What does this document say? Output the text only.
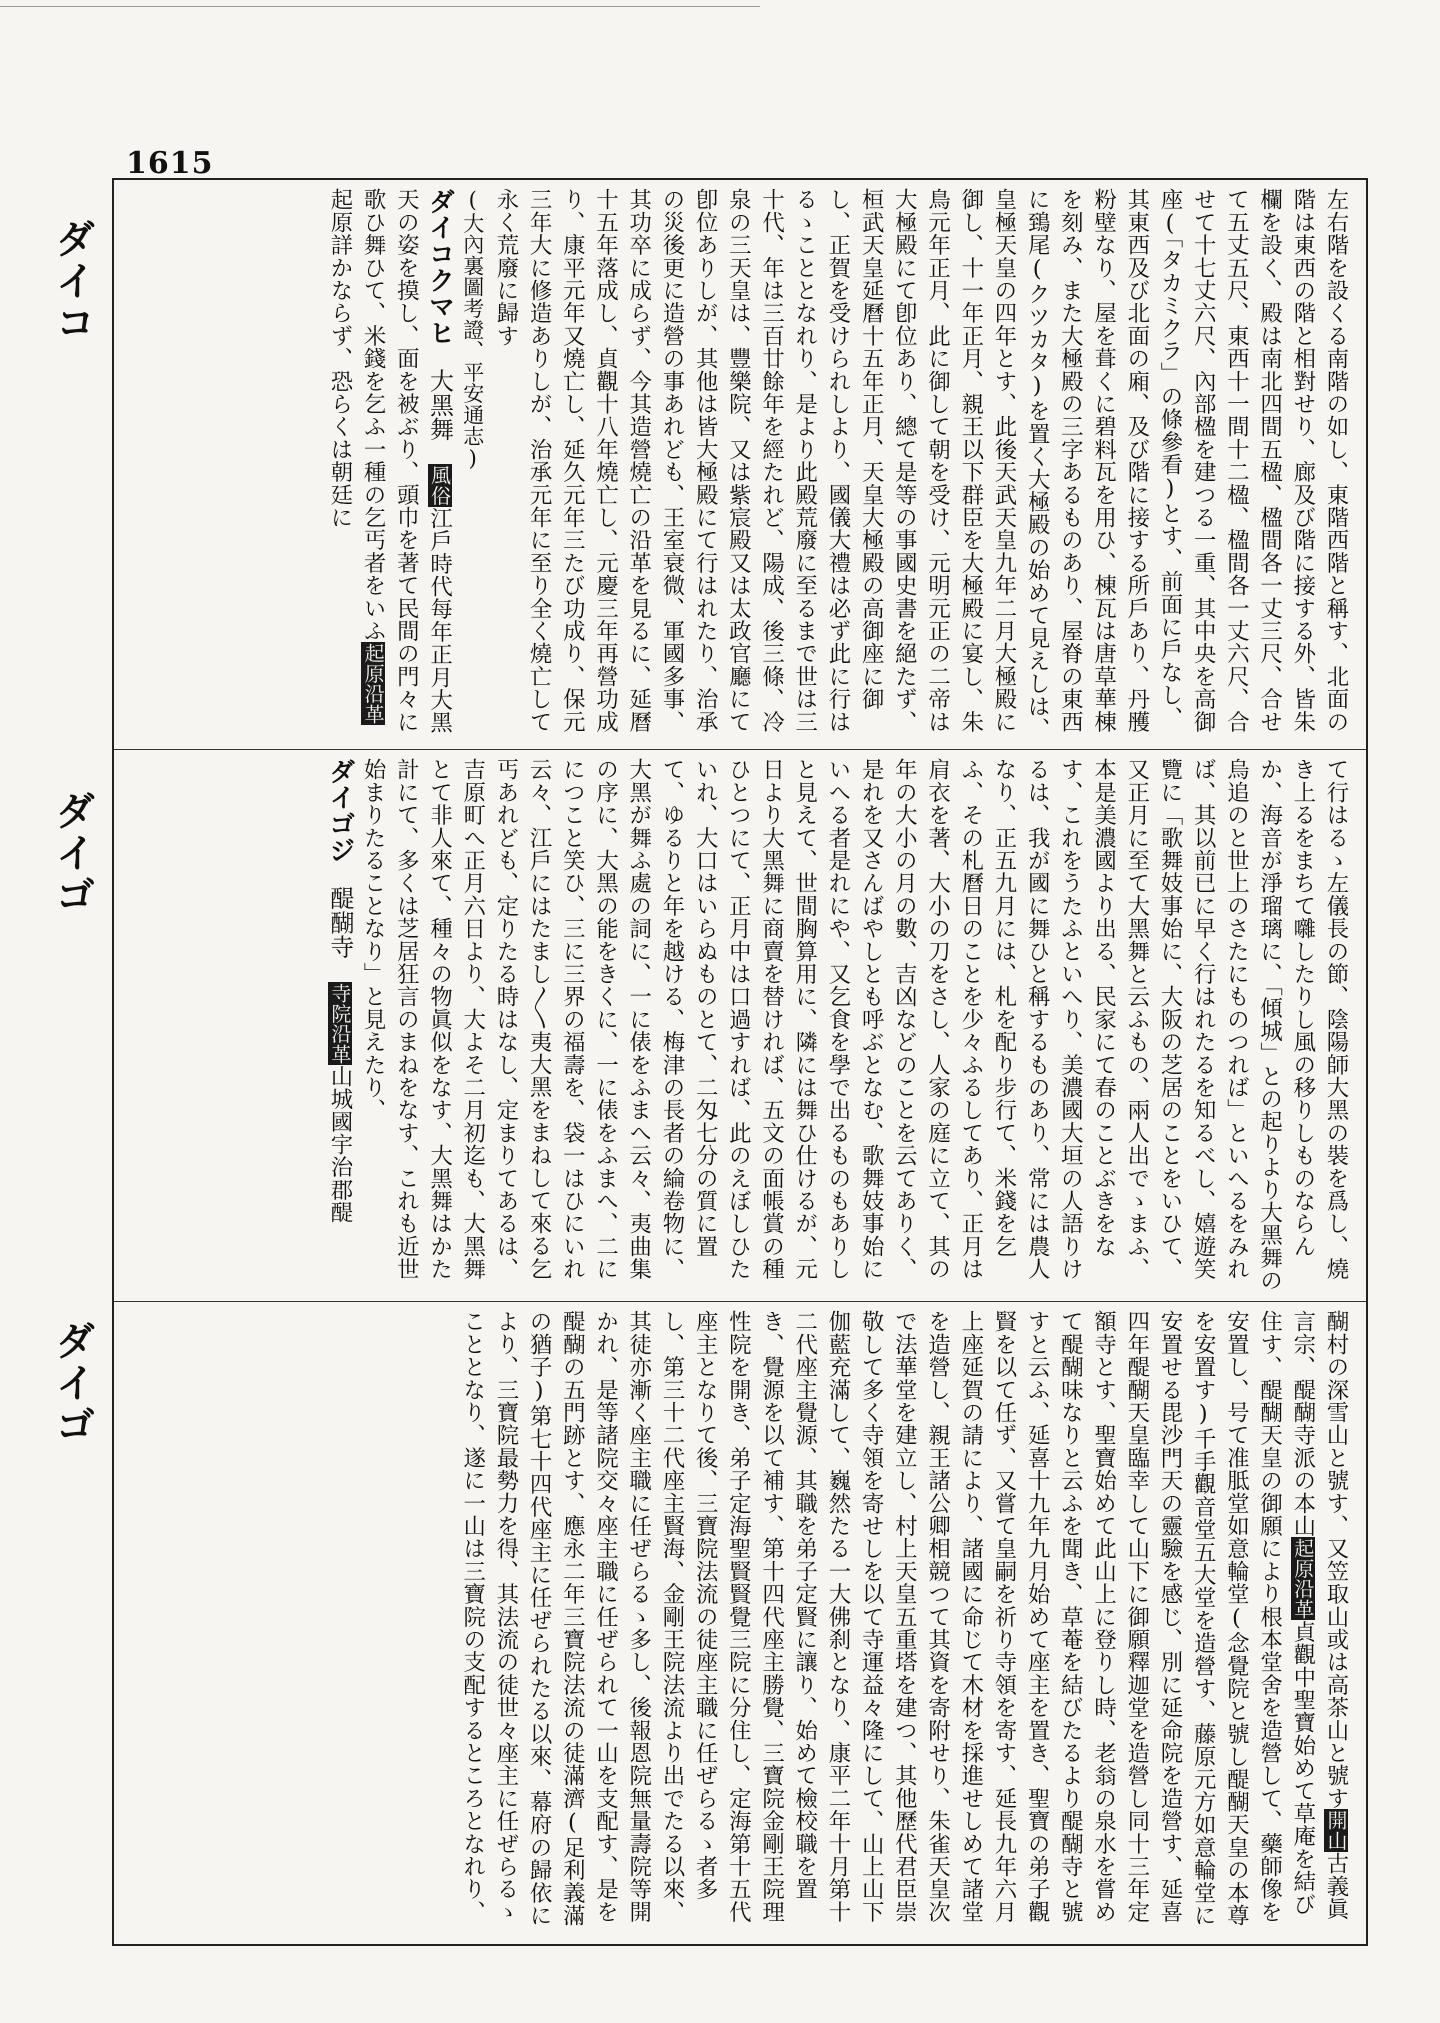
1615
ダイコ
ダイゴ
ダイゴ
左右階を設くる南階の如し、東階西階と稱す、北面の階は東西の階と相對せり、廊及び階に接する外、皆朱欄を設く、殿は南北四間五楹、楹間各一丈三尺、合せて五丈五尺、東西十一間十二楹、楹間各一丈六尺、合せて十七丈六尺、內部楹を建つる一重、其中央を高御座(「タカミクラ」の條參看)とす、前面に戶なし、其東西及び北面の廂、及び階に接する所戶あり、丹雘粉壁なり、屋を葺くに碧料瓦を用ひ、棟瓦は唐草華棟を刻み、また大極殿の三字あるものあり、屋脊の東西に鵄尾(クツカタ)を置く大極殿の始めて見えしは、皇極天皇の四年とす、此後天武天皇九年二月大極殿に御し、十一年正月、親王以下群臣を大極殿に宴し、朱鳥元年正月、此に御して朝を受け、元明元正の二帝は大極殿にて卽位あり、總て是等の事國史書を絕たず、桓武天皇延曆十五年正月、天皇大極殿の高御座に御し、正賀を受けられしより、國儀大禮は必ず此に行はるゝこととなれり、是より此殿荒廢に至るまで世は三十代、年は三百廿餘年を經たれど、陽成、後三條、冷泉の三天皇は、豐樂院、又は紫宸殿又は太政官廳にて卽位ありしが、其他は皆大極殿にて行はれたり、治承の災後更に造營の事あれども、王室衰微、軍國多事、其功卒に成らず、今其造營燒亡の沿革を見るに、延曆十五年落成し、貞觀十八年燒亡し、元慶三年再營功成り、康平元年又燒亡し、延久元年三たび功成り、保元三年大に修造ありしが、治承元年に至り全く燒亡して永く荒廢に歸す
(大內裏圖考證、平安通志)
ダイコクマヒ　大黑舞　風俗江戶時代每年正月大黑天の姿を摸し、面を被ぶり、頭巾を著て民間の門々に歌ひ舞ひて、米錢を乞ふ一種の乞丐者をいふ起原沿革起原詳かならず、恐らくは朝廷に
て行はるゝ左儀長の節、陰陽師大黑の裝を爲し、燒き上るをまちて囃したりし風の移りしものならんか、海音が淨瑠璃に、「傾城」との起りより大黑舞の烏追のと世上のさたにものつれば」といへるをみれば、其以前已に早く行はれたるを知るべし、嬉遊笑覽に「歌舞妓事始に、大阪の芝居のことをいひて、又正月に至て大黑舞と云ふもの、兩人出でゝまふ、本是美濃國より出る、民家にて春のことぶきをなす、これをうたふといへり、美濃國大垣の人語りけるは、我が國に舞ひと稱するものあり、常には農人なり、正五九月には、札を配り步行て、米錢を乞ふ、その札曆日のことを少々ふるしてあり、正月は肩衣を著、大小の刀をさし、人家の庭に立て、其の年の大小の月の數、吉凶などのことを云てありく、是れを又さんばやしとも呼ぶとなむ、歌舞妓事始にいへる者是れにや、又乞食を學で出るものもありしと見えて、世間胸算用に、隣には舞ひ仕けるが、元日より大黑舞に商賣を替ければ、五文の面帳賞の種ひとつにて、正月中は口過すれば、此のえぼしひたいれ、大口はいらぬものとて、二匁七分の質に置て、ゆるりと年を越ける、梅津の長者の綸卷物に、大黑が舞ふ處の詞に、一に俵をふまへ云々、夷曲集の序に、大黑の能をきくに、一に俵をふまへ、二ににつこと笑ひ、三に三界の福壽を、袋一はひにいれ云々、江戶にはたまし〳〵夷大黑をまねして來る乞丐あれども、定りたる時はなし、定まりてあるは、吉原町へ正月六日より、大よそ二月初迄も、大黑舞とて非人來て、種々の物眞似をなす、大黑舞はかた計にて、多くは芝居狂言のまねをなす、これも近世始まりたることなり」と見えたり、
ダイゴジ　醍醐寺　寺院沿革山城國宇治郡醍
醐村の深雪山と號す、又笠取山或は高茶山と號す開山古義眞言宗、醍醐寺派の本山起原沿革貞觀中聖寶始めて草庵を結び住す、醍醐天皇の御願により根本堂舍を造營して、藥師像を安置し、号て准胝堂如意輪堂(念覺院と號し醍醐天皇の本尊を安置す)千手觀音堂五大堂を造營す、藤原元方如意輪堂に安置せる毘沙門天の靈驗を感じ、別に延命院を造營す、延喜四年醍醐天皇臨幸して山下に御願釋迦堂を造營し同十三年定額寺とす、聖寶始めて此山上に登りし時、老翁の泉水を嘗めて醍醐味なりと云ふを聞き、草菴を結びたるより醍醐寺と號すと云ふ、延喜十九年九月始めて座主を置き、聖寶の弟子觀賢を以て任ず、又嘗て皇嗣を祈り寺領を寄す、延長九年六月上座延賀の請により、諸國に命じて木材を採進せしめて諸堂を造營し、親王諸公卿相競つて其資を寄附せり、朱雀天皇次で法華堂を建立し、村上天皇五重塔を建つ、其他歷代君臣崇敬して多く寺領を寄せしを以て寺運益々隆にして、山上山下伽藍充滿して、巍然たる一大佛刹となり、康平二年十月第十二代座主覺源、其職を弟子定賢に讓り、始めて檢校職を置き、覺源を以て補す、第十四代座主勝覺、三寶院金剛王院理性院を開き、弟子定海聖賢賢覺三院に分住し、定海第十五代座主となりて後、三寶院法流の徒座主職に任ぜらるゝ者多し、第三十二代座主賢海、金剛王院法流より出でたる以來、其徒亦漸く座主職に任ぜらるゝ多し、後報恩院無量壽院等開かれ、是等諸院交々座主職に任ぜられて一山を支配す、是を醍醐の五門跡とす、應永二年三寶院法流の徒滿濟(足利義滿の猶子)第七十四代座主に任ぜられたる以來、幕府の歸依により、三寶院最勢力を得、其法流の徒世々座主に任ぜらるゝこととなり、遂に一山は三寶院の支配するところとなれり、
